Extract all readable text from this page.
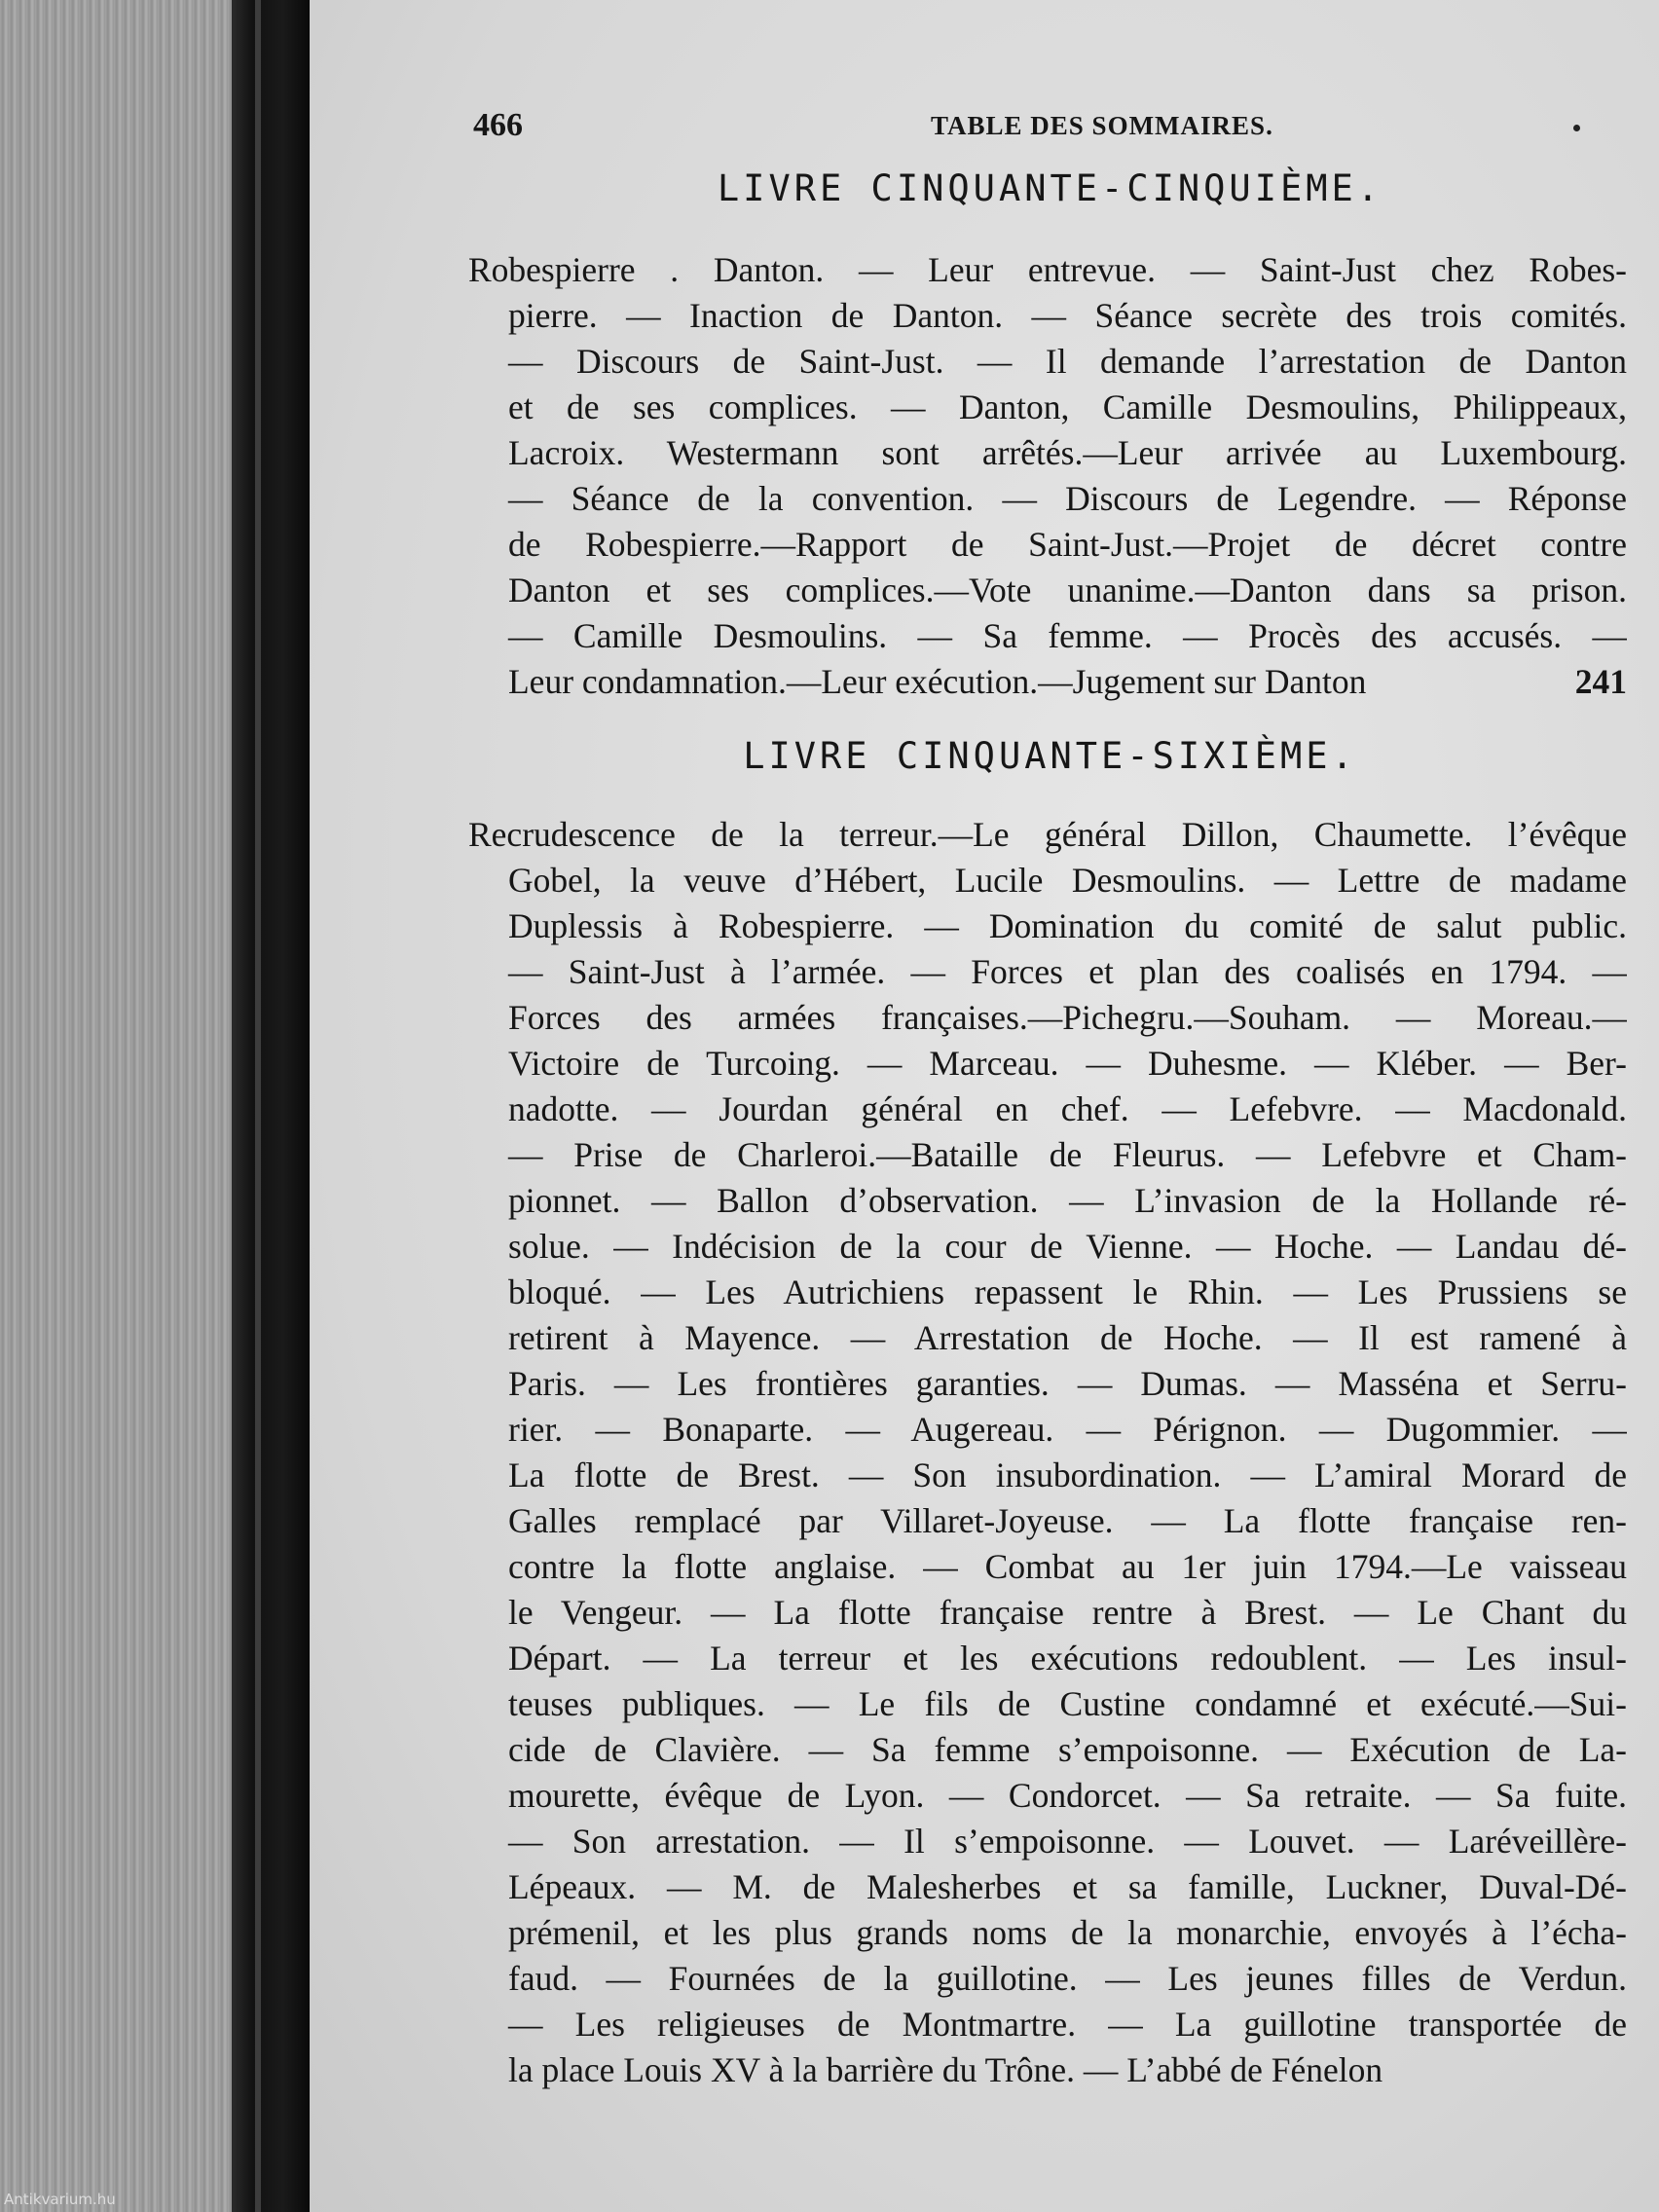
466	TABLE DES SOMMAIRES.
LIVRE CINQUANTE-CINQUIÈME.
Robespierre . Danton. — Leur entrevue. — Saint-Just chez Robes-
pierre. — Inaction de Danton. — Séance secrète des trois comités.
— Discours de Saint-Just. — Il demande l’arrestation de Danton
et de ses complices. — Danton, Camille Desmoulins, Philippeaux,
Lacroix. Westermann sont arrêtés.—Leur arrivée au Luxembourg.
— Séance de la convention. — Discours de Legendre. — Réponse
de Robespierre.—Rapport de Saint-Just.—Projet de décret contre
Danton et ses complices.—Vote unanime.—Danton dans sa prison.
— Camille Desmoulins. — Sa femme. — Procès des accusés. —
Leur condamnation.—Leur exécution.—Jugement sur Danton	241
LIVRE CINQUANTE-SIXIÈME.
Recrudescence de la terreur.—Le général Dillon, Chaumette. l’évêque
Gobel, la veuve d’Hébert, Lucile Desmoulins. — Lettre de madame
Duplessis à Robespierre. — Domination du comité de salut public.
— Saint-Just à l’armée. — Forces et plan des coalisés en 1794. —
Forces des armées françaises.—Pichegru.—Souham. — Moreau.—
Victoire de Turcoing. — Marceau. — Duhesme. — Kléber. — Ber-
nadotte. — Jourdan général en chef. — Lefebvre. — Macdonald.
— Prise de Charleroi.—Bataille de Fleurus. — Lefebvre et Cham-
pionnet. — Ballon d’observation. — L’invasion de la Hollande ré-
solue. — Indécision de la cour de Vienne. — Hoche. — Landau dé-
bloqué. — Les Autrichiens repassent le Rhin. — Les Prussiens se
retirent à Mayence. — Arrestation de Hoche. — Il est ramené à
Paris. — Les frontières garanties. — Dumas. — Masséna et Serru-
rier. — Bonaparte. — Augereau. — Pérignon. — Dugommier. —
La flotte de Brest. — Son insubordination. — L’amiral Morard de
Galles remplacé par Villaret-Joyeuse. — La flotte française ren-
contre la flotte anglaise. — Combat au 1er juin 1794.—Le vaisseau
le Vengeur. — La flotte française rentre à Brest. — Le Chant du
Départ. — La terreur et les exécutions redoublent. — Les insul-
teuses publiques. — Le fils de Custine condamné et exécuté.—Sui-
cide de Clavière. — Sa femme s’empoisonne. — Exécution de La-
mourette, évêque de Lyon. — Condorcet. — Sa retraite. — Sa fuite.
— Son arrestation. — Il s’empoisonne. — Louvet. — Laréveillère-
Lépeaux. — M. de Malesherbes et sa famille, Luckner, Duval-Dé-
prémenil, et les plus grands noms de la monarchie, envoyés à l’écha-
faud. — Fournées de la guillotine. — Les jeunes filles de Verdun.
— Les religieuses de Montmartre. — La guillotine transportée de
la place Louis XV à la barrière du Trône. — L’abbé de Fénelon
Antikvarium.hu
